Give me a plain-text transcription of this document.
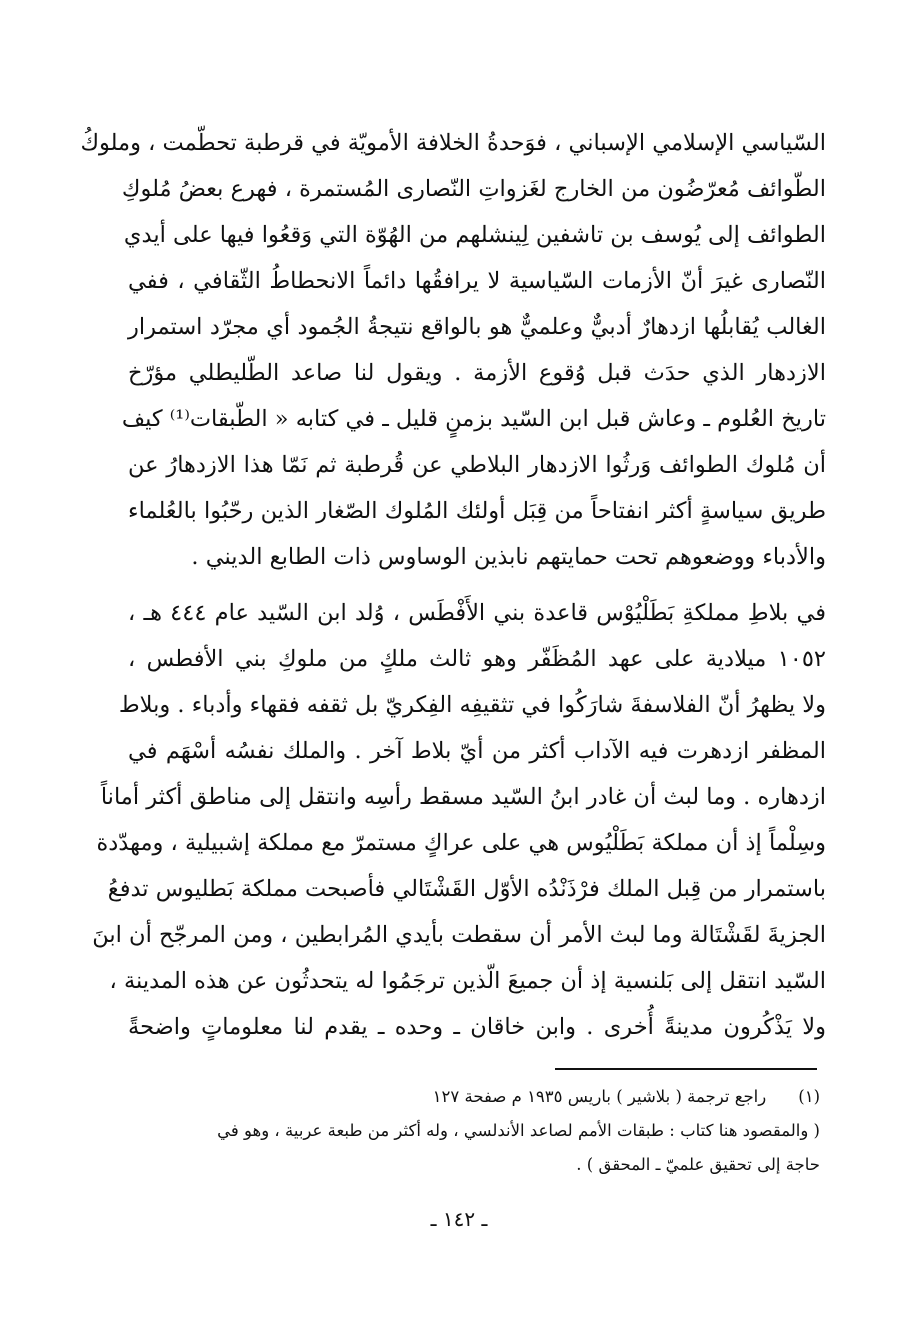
السّياسي الإسلامي الإسباني ، فوَحدةُ الخلافة الأمويّة في قرطبة تحطّمت ، وملوكُ
الطّوائف مُعرّضُون من الخارج لغَزواتِ النّصارى المُستمرة ، فهرع بعضُ مُلوكِ
الطوائف إلى يُوسف بن تاشفين لِينشلهم من الهُوّة التي وَقعُوا فيها على أيدي
النّصارى غيرَ أنّ الأزمات السّياسية لا يرافقُها دائماً الانحطاطُ الثّقافي ، ففي
الغالب يُقابلُها ازدهارٌ أدبيٌّ وعلميٌّ هو بالواقع نتيجةُ الجُمود أي مجرّد استمرار
الازدهار الذي حدَث قبل وُقوع الأزمة . ويقول لنا صاعد الطّليطلي مؤرّخ
تاريخ العُلوم ـ وعاش قبل ابن السّيد بزمنٍ قليل ـ في كتابه « الطّبقات⁽¹⁾ كيف
أن مُلوك الطوائف وَرثُوا الازدهار البلاطي عن قُرطبة ثم نَمّا هذا الازدهارُ عن
طريق سياسةٍ أكثر انفتاحاً من قِبَل أولئك المُلوك الصّغار الذين رحّبُوا بالعُلماء
والأدباء ووضعوهم تحت حمايتهم نابذين الوساوس ذات الطابع الديني .
في بلاطِ مملكةِ بَطَلْيُوْس قاعدة بني الأَفْطَس ، وُلد ابن السّيد عام ٤٤٤ هـ ،
١٠٥٢ ميلادية على عهد المُظَفّر وهو ثالث ملكٍ من ملوكِ بني الأفطس ،
ولا يظهرُ أنّ الفلاسفةَ شارَكُوا في تثقيفِه الفِكريّ بل ثقفه فقهاء وأدباء . وبلاط
المظفر ازدهرت فيه الآداب أكثر من أيّ بلاط آخر . والملك نفسُه أسْهَم في
ازدهاره . وما لبث أن غادر ابنُ السّيد مسقط رأسِه وانتقل إلى مناطق أكثر أماناً
وسِلْماً إذ أن مملكة بَطَلْيُوس هي على عراكٍ مستمرّ مع مملكة إشبيلية ، ومهدّدة
باستمرار من قِبل الملك فرْذَنْدُه الأوّل القَشْتَالي فأصبحت مملكة بَطليوس تدفعُ
الجزيةَ لقَشْتَالة وما لبث الأمر أن سقطت بأيدي المُرابطين ، ومن المرجّح أن ابنَ
السّيد انتقل إلى بَلنسية إذ أن جميعَ الّذين ترجَمُوا له يتحدثُون عن هذه المدينة ،
ولا يَذْكُرون مدينةً أُخرى . وابن خاقان ـ وحده ـ يقدم لنا معلوماتٍ واضحةً
(١)   راجع ترجمة ( بلاشير ) باريس ١٩٣٥ م صفحة ١٢٧
( والمقصود هنا كتاب : طبقات الأمم لصاعد الأندلسي ، وله أكثر من طبعة عربية ، وهو في
حاجة إلى تحقيق علميّ ـ المحقق ) .
ـ ١٤٢ ـ
